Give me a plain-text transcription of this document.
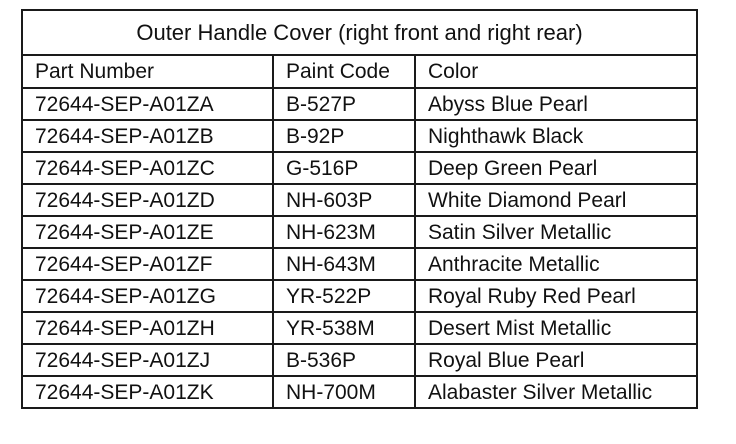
Outer Handle Cover (right front and right rear)		
Part Number	Paint Code	Color
72644-SEP-A01ZA	B-527P	Abyss Blue Pearl
72644-SEP-A01ZB	B-92P	Nighthawk Black
72644-SEP-A01ZC	G-516P	Deep Green Pearl
72644-SEP-A01ZD	NH-603P	White Diamond Pearl
72644-SEP-A01ZE	NH-623M	Satin Silver Metallic
72644-SEP-A01ZF	NH-643M	Anthracite Metallic
72644-SEP-A01ZG	YR-522P	Royal Ruby Red Pearl
72644-SEP-A01ZH	YR-538M	Desert Mist Metallic
72644-SEP-A01ZJ	B-536P	Royal Blue Pearl
72644-SEP-A01ZK	NH-700M	Alabaster Silver Metallic
